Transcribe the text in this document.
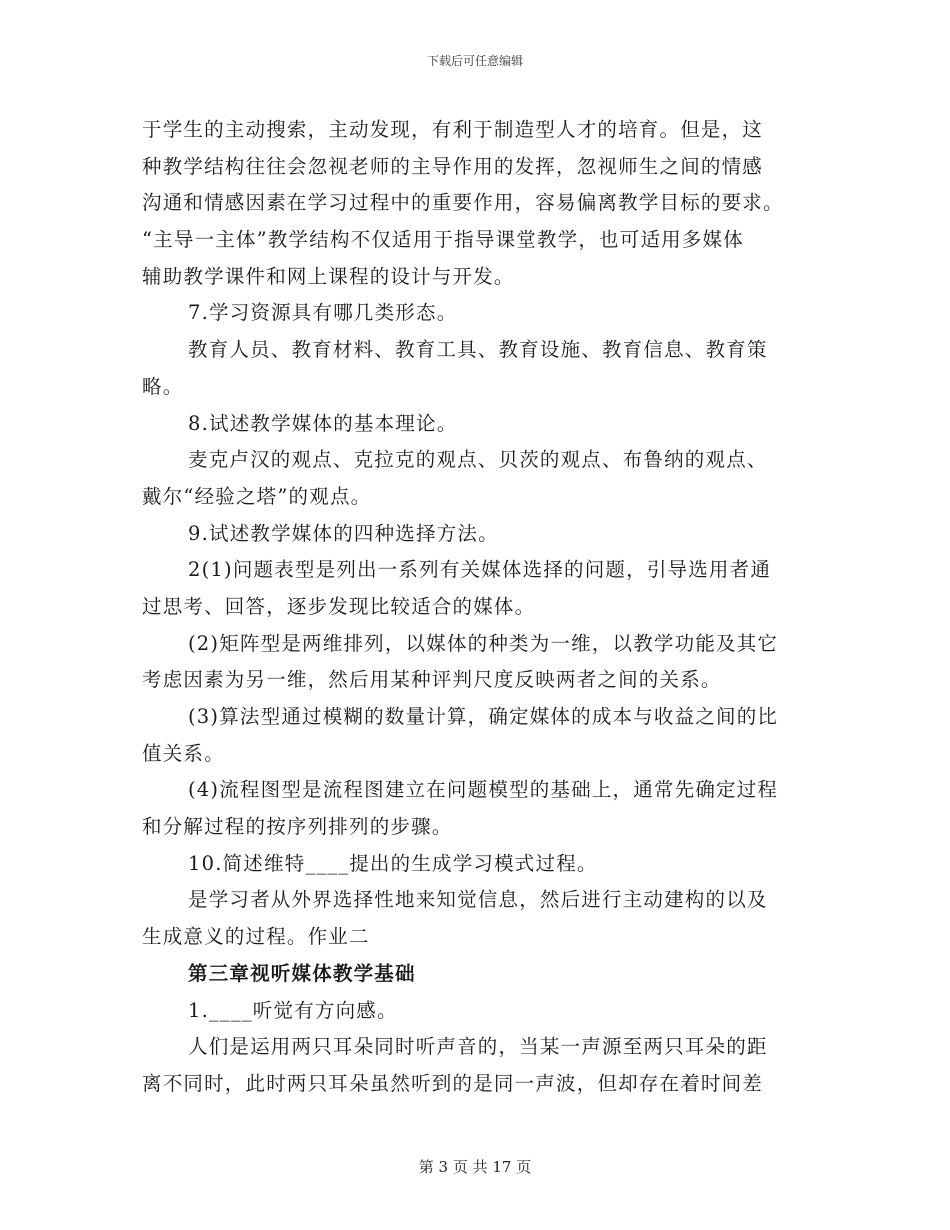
下载后可任意编辑
于学生的主动搜索，主动发现，有利于制造型人才的培育。但是，这
种教学结构往往会忽视老师的主导作用的发挥，忽视师生之间的情感
沟通和情感因素在学习过程中的重要作用，容易偏离教学目标的要求。
“主导一主体”教学结构不仅适用于指导课堂教学，也可适用多媒体
辅助教学课件和网上课程的设计与开发。
7.学习资源具有哪几类形态。
教育人员、教育材料、教育工具、教育设施、教育信息、教育策
略。
8.试述教学媒体的基本理论。
麦克卢汉的观点、克拉克的观点、贝茨的观点、布鲁纳的观点、
戴尔“经验之塔”的观点。
9.试述教学媒体的四种选择方法。
2(1)问题表型是列出一系列有关媒体选择的问题，引导选用者通
过思考、回答，逐步发现比较适合的媒体。
(2)矩阵型是两维排列，以媒体的种类为一维，以教学功能及其它
考虑因素为另一维，然后用某种评判尺度反映两者之间的关系。
(3)算法型通过模糊的数量计算，确定媒体的成本与收益之间的比
值关系。
(4)流程图型是流程图建立在问题模型的基础上，通常先确定过程
和分解过程的按序列排列的步骤。
10.简述维特____提出的生成学习模式过程。
是学习者从外界选择性地来知觉信息，然后进行主动建构的以及
生成意义的过程。作业二
第三章视听媒体教学基础
1.____听觉有方向感。
人们是运用两只耳朵同时听声音的，当某一声源至两只耳朵的距
离不同时，此时两只耳朵虽然听到的是同一声波，但却存在着时间差
第 3 页 共 17 页
